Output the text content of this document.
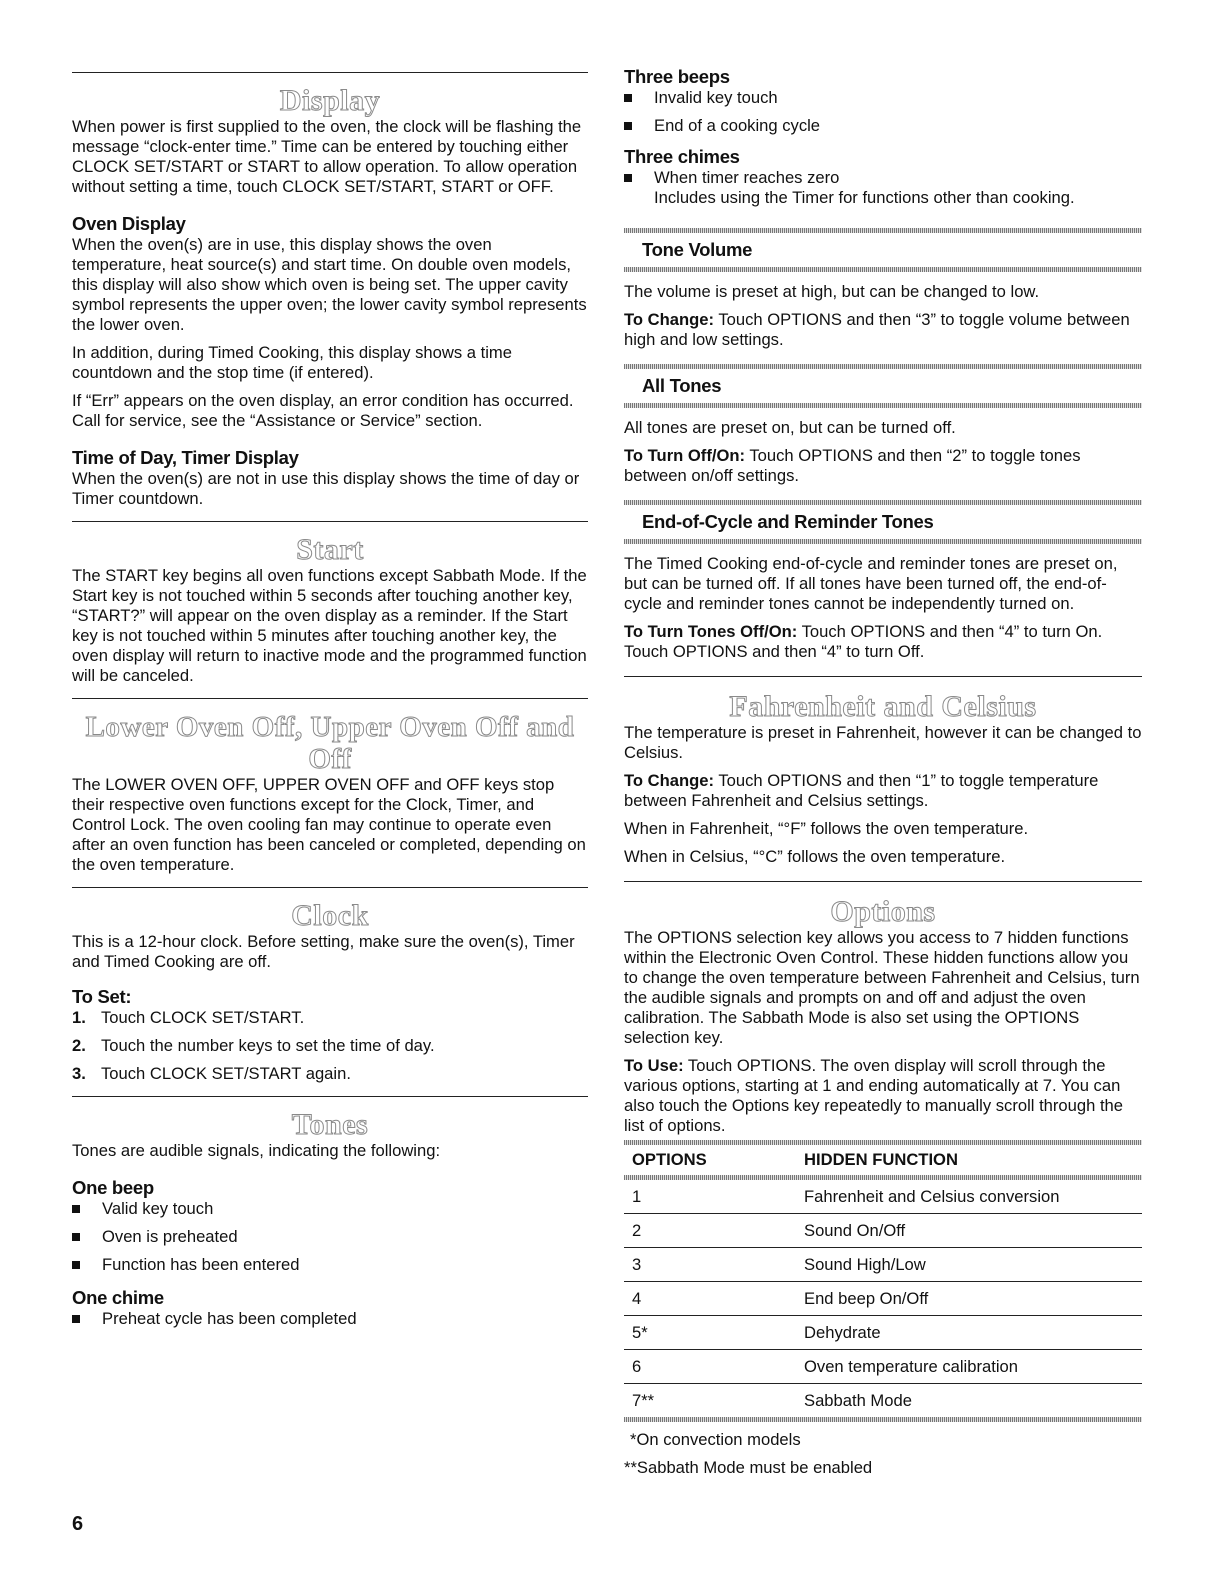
Display

When power is first supplied to the oven, the clock will be flashing the message “clock-enter time.” Time can be entered by touching either CLOCK SET/START or START to allow operation. To allow operation without setting a time, touch CLOCK SET/START, START or OFF.

Oven Display

When the oven(s) are in use, this display shows the oven temperature, heat source(s) and start time. On double oven models, this display will also show which oven is being set. The upper cavity symbol represents the upper oven; the lower cavity symbol represents the lower oven.

In addition, during Timed Cooking, this display shows a time countdown and the stop time (if entered).

If “Err” appears on the oven display, an error condition has occurred. Call for service, see the “Assistance or Service” section.

Time of Day, Timer Display

When the oven(s) are not in use this display shows the time of day or Timer countdown.

Start

The START key begins all oven functions except Sabbath Mode. If the Start key is not touched within 5 seconds after touching another key, “START?” will appear on the oven display as a reminder. If the Start key is not touched within 5 minutes after touching another key, the oven display will return to inactive mode and the programmed function will be canceled.

Lower Oven Off, Upper Oven Off and Off

The LOWER OVEN OFF, UPPER OVEN OFF and OFF keys stop their respective oven functions except for the Clock, Timer, and Control Lock. The oven cooling fan may continue to operate even after an oven function has been canceled or completed, depending on the oven temperature.

Clock

This is a 12-hour clock. Before setting, make sure the oven(s), Timer and Timed Cooking are off.

To Set:
1. Touch CLOCK SET/START.
2. Touch the number keys to set the time of day.
3. Touch CLOCK SET/START again.
Tones

Tones are audible signals, indicating the following:

One beep
Valid key touch
Oven is preheated
Function has been entered
One chime
Preheat cycle has been completed
Three beeps
Invalid key touch
End of a cooking cycle
Three chimes
When timer reaches zero
Includes using the Timer for functions other than cooking.
Tone Volume

The volume is preset at high, but can be changed to low.

To Change: Touch OPTIONS and then “3” to toggle volume between high and low settings.

All Tones

All tones are preset on, but can be turned off.

To Turn Off/On: Touch OPTIONS and then “2” to toggle tones between on/off settings.

End-of-Cycle and Reminder Tones

The Timed Cooking end-of-cycle and reminder tones are preset on, but can be turned off. If all tones have been turned off, the end-of-cycle and reminder tones cannot be independently turned on.

To Turn Tones Off/On: Touch OPTIONS and then “4” to turn On. Touch OPTIONS and then “4” to turn Off.

Fahrenheit and Celsius

The temperature is preset in Fahrenheit, however it can be changed to Celsius.

To Change: Touch OPTIONS and then “1” to toggle temperature between Fahrenheit and Celsius settings.

When in Fahrenheit, “°F” follows the oven temperature.

When in Celsius, “°C” follows the oven temperature.

Options

The OPTIONS selection key allows you access to 7 hidden functions within the Electronic Oven Control. These hidden functions allow you to change the oven temperature between Fahrenheit and Celsius, turn the audible signals and prompts on and off and adjust the oven calibration. The Sabbath Mode is also set using the OPTIONS selection key.

To Use: Touch OPTIONS. The oven display will scroll through the various options, starting at 1 and ending automatically at 7. You can also touch the Options key repeatedly to manually scroll through the list of options.

OPTIONS	HIDDEN FUNCTION
1	Fahrenheit and Celsius conversion
2	Sound On/Off
3	Sound High/Low
4	End beep On/Off
5*	Dehydrate
6	Oven temperature calibration
7**	Sabbath Mode

*On convection models

**Sabbath Mode must be enabled

6
